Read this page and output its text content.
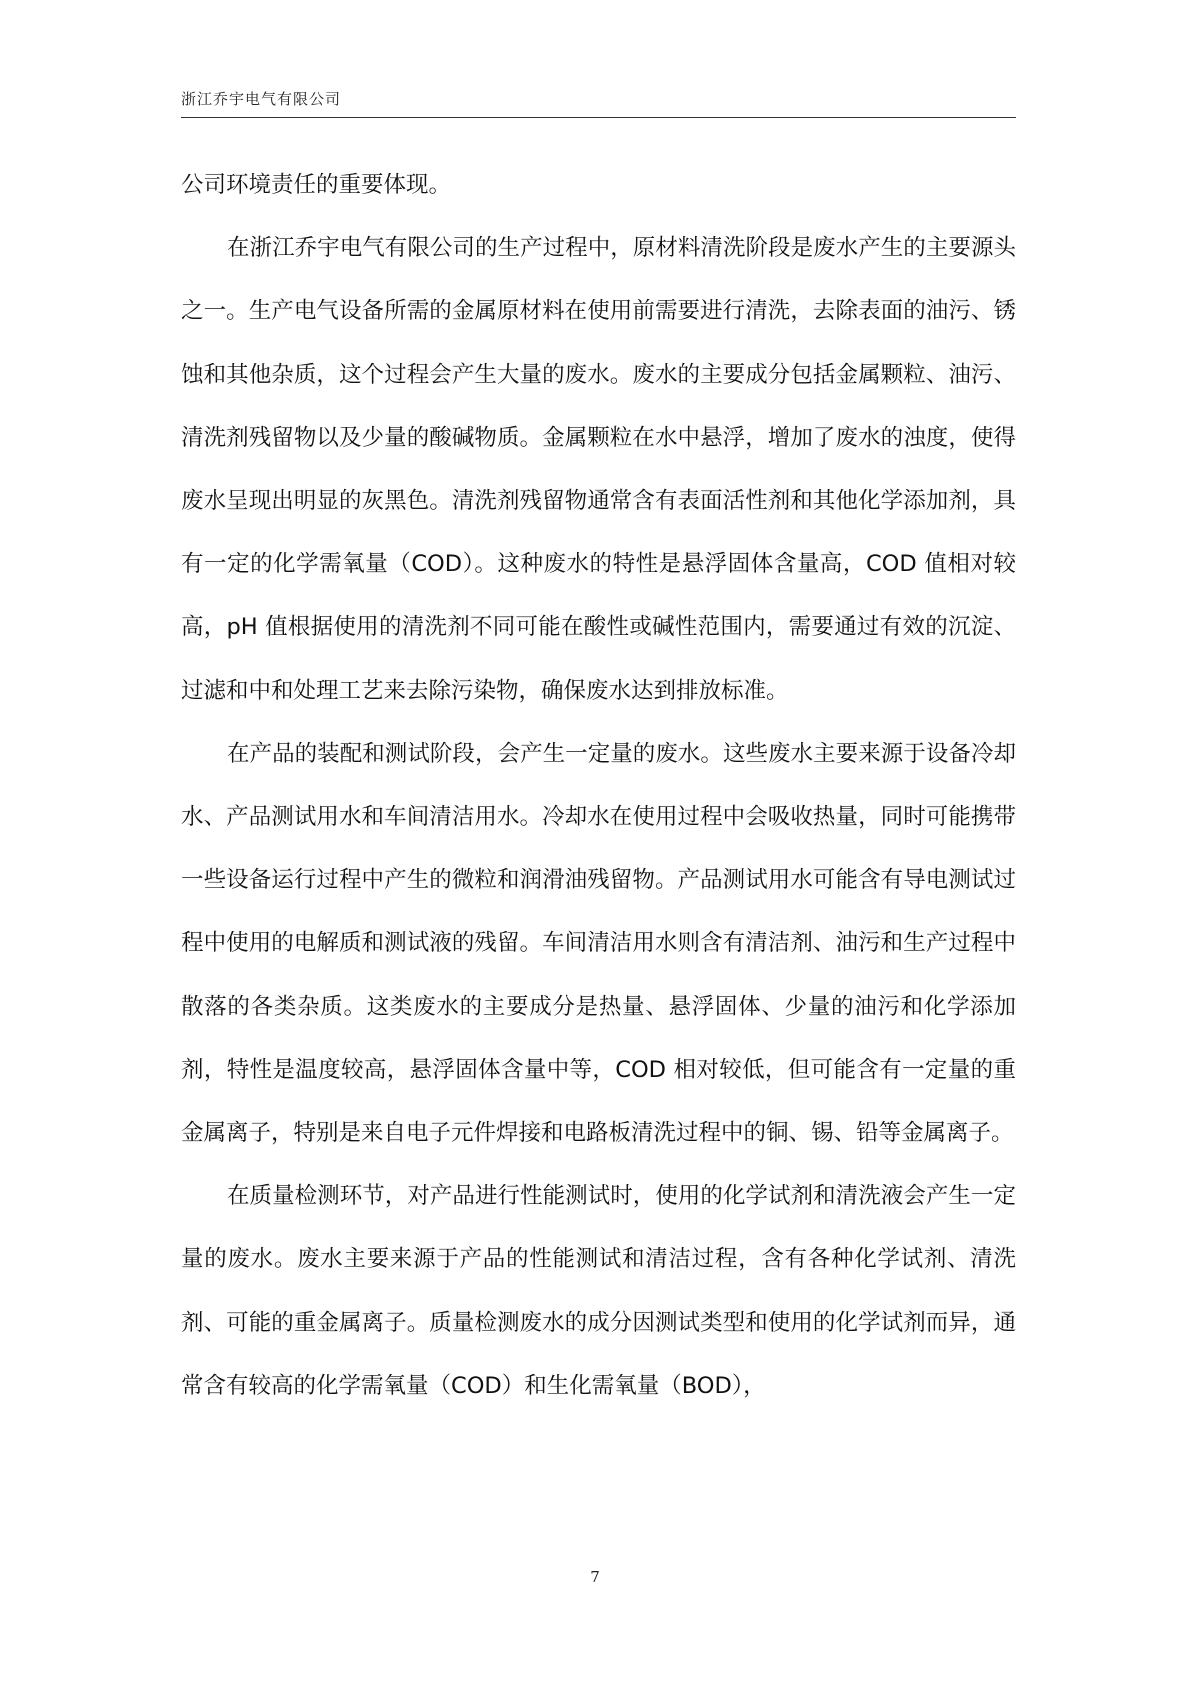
浙江乔宇电气有限公司

公司环境责任的重要体现。

在浙江乔宇电气有限公司的生产过程中，原材料清洗阶段是废水产生的主要源头之一。生产电气设备所需的金属原材料在使用前需要进行清洗，去除表面的油污、锈蚀和其他杂质，这个过程会产生大量的废水。废水的主要成分包括金属颗粒、油污、清洗剂残留物以及少量的酸碱物质。金属颗粒在水中悬浮，增加了废水的浊度，使得废水呈现出明显的灰黑色。清洗剂残留物通常含有表面活性剂和其他化学添加剂，具有一定的化学需氧量（COD）。这种废水的特性是悬浮固体含量高，COD 值相对较高，pH 值根据使用的清洗剂不同可能在酸性或碱性范围内，需要通过有效的沉淀、过滤和中和处理工艺来去除污染物，确保废水达到排放标准。

在产品的装配和测试阶段，会产生一定量的废水。这些废水主要来源于设备冷却水、产品测试用水和车间清洁用水。冷却水在使用过程中会吸收热量，同时可能携带一些设备运行过程中产生的微粒和润滑油残留物。产品测试用水可能含有导电测试过程中使用的电解质和测试液的残留。车间清洁用水则含有清洁剂、油污和生产过程中散落的各类杂质。这类废水的主要成分是热量、悬浮固体、少量的油污和化学添加剂，特性是温度较高，悬浮固体含量中等，COD 相对较低，但可能含有一定量的重金属离子，特别是来自电子元件焊接和电路板清洗过程中的铜、锡、铅等金属离子。

在质量检测环节，对产品进行性能测试时，使用的化学试剂和清洗液会产生一定量的废水。废水主要来源于产品的性能测试和清洁过程，含有各种化学试剂、清洗剂、可能的重金属离子。质量检测废水的成分因测试类型和使用的化学试剂而异，通常含有较高的化学需氧量（COD）和生化需氧量（BOD），

7
